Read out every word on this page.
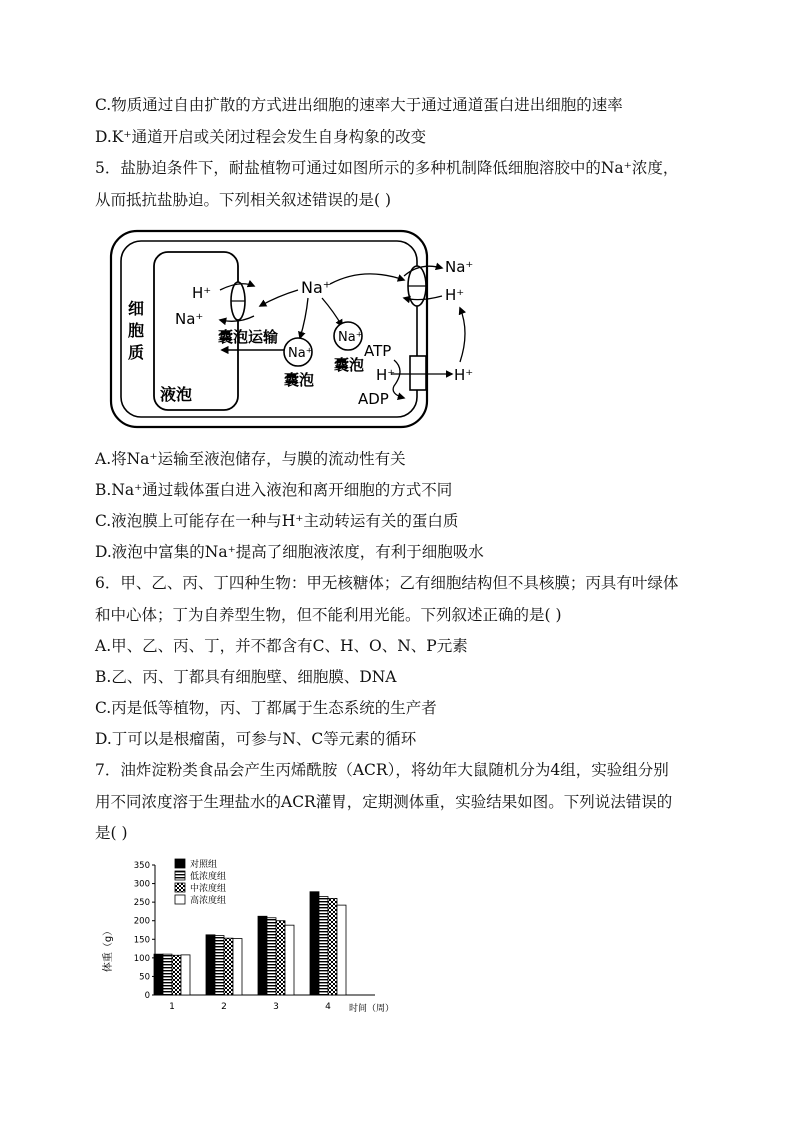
C.物质通过自由扩散的方式进出细胞的速率大于通过通道蛋白进出细胞的速率
D.K⁺通道开启或关闭过程会发生自身构象的改变
5．盐胁迫条件下，耐盐植物可通过如图所示的多种机制降低细胞溶胶中的Na⁺浓度，
从而抵抗盐胁迫。下列相关叙述错误的是( )
细
胞
质
液泡
H⁺
Na⁺
Na⁺
Na⁺
Na⁺
囊泡运输
囊泡
囊泡
Na⁺
H⁺
ATP
ADP
H⁺	H⁺
A.将Na⁺运输至液泡储存，与膜的流动性有关
B.Na⁺通过载体蛋白进入液泡和离开细胞的方式不同
C.液泡膜上可能存在一种与H⁺主动转运有关的蛋白质
D.液泡中富集的Na⁺提高了细胞液浓度，有利于细胞吸水
6．甲、乙、丙、丁四种生物：甲无核糖体；乙有细胞结构但不具核膜；丙具有叶绿体
和中心体；丁为自养型生物，但不能利用光能。下列叙述正确的是( )
A.甲、乙、丙、丁，并不都含有C、H、O、N、P元素
B.乙、丙、丁都具有细胞壁、细胞膜、DNA
C.丙是低等植物，丙、丁都属于生态系统的生产者
D.丁可以是根瘤菌，可参与N、C等元素的循环
7．油炸淀粉类食品会产生丙烯酰胺（ACR），将幼年大鼠随机分为4组，实验组分别
用不同浓度溶于生理盐水的ACR灌胃，定期测体重，实验结果如图。下列说法错误的
是( )
0
50
100
150
200
250
300
350
1	2	3	4
对照组
低浓度组
中浓度组
高浓度组
体重（g）
时间（周）
